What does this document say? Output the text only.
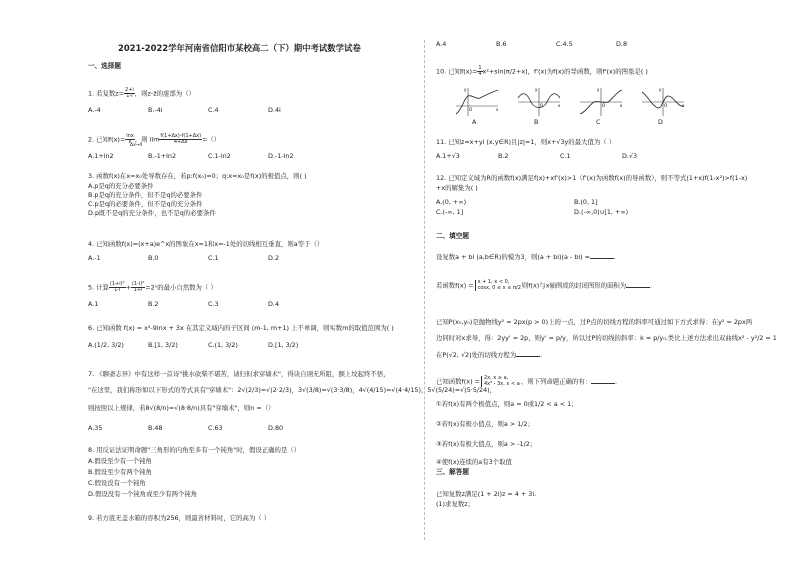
2021-2022学年河南省信阳市某校高二（下）期中考试数学试卷
一、选择题
1. 若复数$z= \frac{2+i}{1-i}$ ，则z-z̄的虚部为（）
A.-4	B.-4i	C.4	D.4i
2. 已知$f(x)= \frac{\ln x}{x}$ ，则 $\lim \frac{f(1+\Delta x)-f(1+\Delta x)}{4+\Delta x}$ =（）
Δx→0
A.1+ln2	B.-1+ln2	C.1-ln2	D.-1-ln2
3. 函数f(x)在x=x₀处导数存在，若p:f(x₀)=0；q:x=x₀是f(x)的极值点，则( )
A.p是q的充分必要条件
B.p是q的充分条件，但不是q的必要条件
C.p是q的必要条件，但不是q的充分条件
D.p既不是q的充分条件，也不是q的必要条件
4. 已知函数f(x)=(x+a)e^x的图象在x=1和x=-1处的切线相互垂直，则a等于（）
A.-1	B.0	C.1	D.2
5. 计算 $\frac{\text{(1+i)²}}{1-i} + \frac{\text{(1-i)²}}{1+i} =2^n$的最小自然数为（ ）
A.1	B.2	C.3	D.4
6. 已知函数 f(x) = x²-9lnx + 3x 在其定义域内的子区间 (m-1, m+1) 上不单调，则实数m的取值范围为( )
A.(1/2, 3/2)	B.[1, 3/2)	C.(1, 3/2)	D.[1, 3/2)
7. 《聊斋志异》中有这样一首诗"挑水砍柴不堪苦，请归但求穿墙术"，得诀自诩无所阻，额上坟起终不悟，
"在这里，我们称形如以下形式的等式具有"穿墙术"：2√(2/3)=√(2·2/3)，3√(3/8)=√(3·3/8)，4√(4/15)=√(4·4/15)，5√(5/24)=√(5·5/24)，
则按照以上规律，若8√(8/n)=√(8·8/n)具有"穿墙术"，则n =（）
A.35	B.48	C.63	D.80
8. 用反证法证明命题"三角形的内角至多有一个钝角"时，假设正确的是（）
A.假设至少有一个钝角
B.假设至少有两个钝角
C.假设没有一个钝角
D.假设没有一个钝角或至少有两个钝角
9. 若方底无盖水箱的容积为256，则最省材料时，它的高为（ ）
A.4	B.6	C.4.5	D.8
10. 已知$f(x)= \frac{1}{4} x^2+\sin(\pi/2+x)$，f'(x)为f(x)的导函数，则f'(x)的图象是( )
y
x
O
y
x
O
y
x
O
y
x
O
A	B	C	D
11. 已知z=x+yi (x,y∈R)且|z|=1，则x+√3y的最大值为（ ）
A.1+√3	B.2	C.1	D.√3
12. 已知定义域为R的函数f(x)满足f(x)+xf'(x)>1（f'(x)为函数f(x)的导函数），则不等式(1+x)f(1-x²)>f(1-x)
+x的解集为( )
A.(0, +∞)	B.(0, 1]
C.(-∞, 1]	D.(-∞,0)∪[1, +∞)
二、填空题
设复数a + bi (a,b∈R)的模为3，则(a + bi)(a - bi) =	.
若函数f(x) = x + 1, x < 0,
cosx, 0 ≤ x ≤ π/2 则f(x)与x轴围成的封闭图形的面积为	.
已知P(x₀,y₀)是抛物线y² = 2px(p > 0)上的一点，过P点的切线方程的斜率可通过如下方式求得：在y² = 2px两
边同时对x求导，得：2yy' = 2p，则y' = p/y，所以过P的切线的斜率：k = p/y₀.类比上述方法求出双曲线x² - y²/2 = 1
在P(√2, √2)处的切线方程为	.
已知函数f(x) = 2x, x ≥ a,
4x³ - 3x, x < a ，则下列命题正确的有：	.
①若f(x)有两个极值点，则a = 0或1/2 < a < 1；
②若f(x)有极小值点，则a > 1/2；
③若f(x)有极大值点，则a > -1/2；
④使f(x)连续的a有3个取值
三、解答题
已知复数z满足(1 + 2i)z = 4 + 3i.
(1)求复数z；
